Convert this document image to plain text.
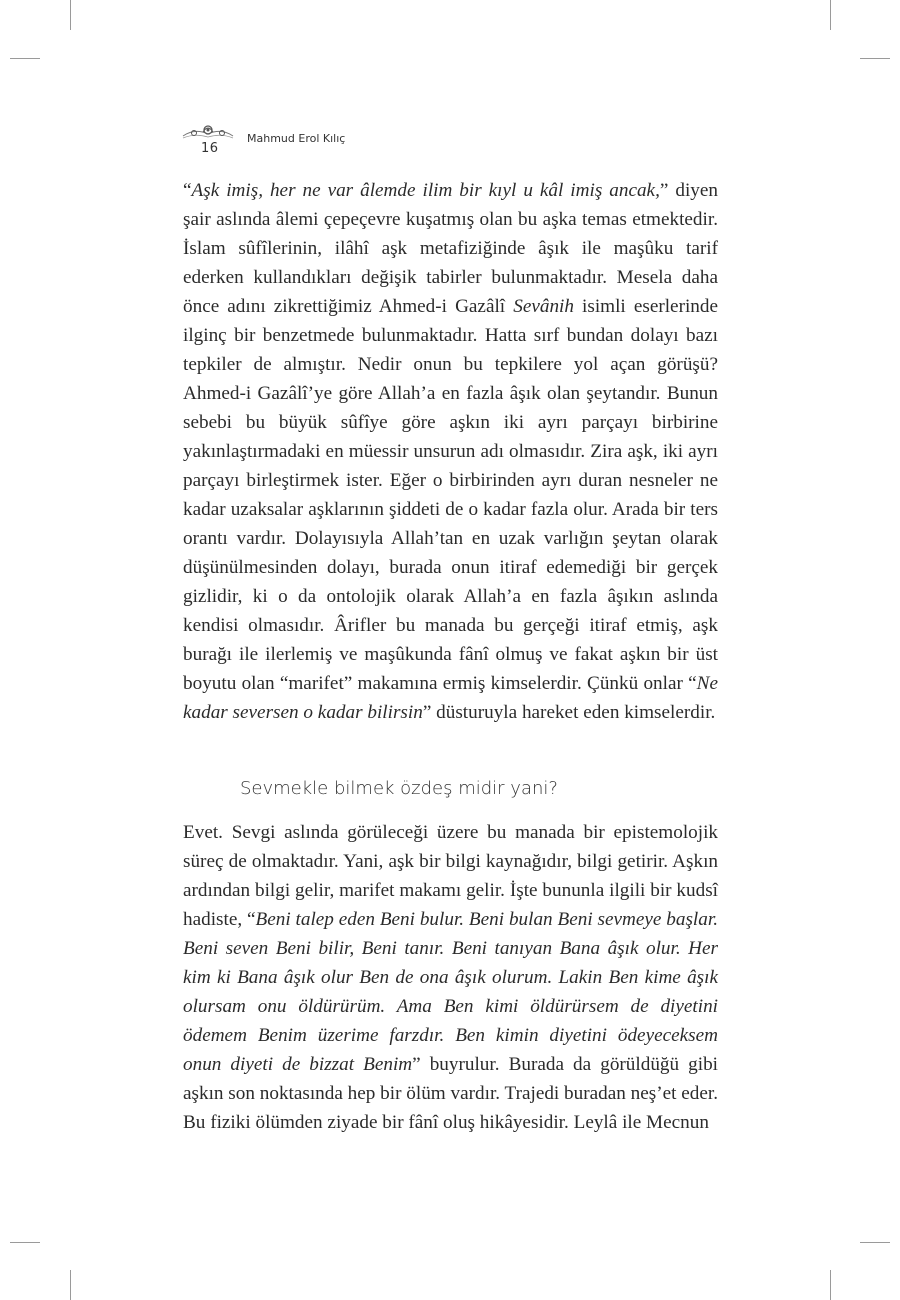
16
Mahmud Erol Kılıç

“Aşk imiş, her ne var âlemde ilim bir kıyl u kâl imiş ancak,” diyen şair aslında âlemi çepeçevre kuşatmış olan bu aşka temas etmektedir. İslam sûfîlerinin, ilâhî aşk metafiziğinde âşık ile maşûku tarif ederken kullandıkları değişik tabirler bulunmaktadır. Mesela daha önce adını zikrettiğimiz Ahmed-i Gazâlî Sevânih isimli eserlerinde ilginç bir benzetmede bulunmaktadır. Hatta sırf bundan dolayı bazı tepkiler de almıştır. Nedir onun bu tepkilere yol açan görüşü? Ahmed-i Gazâlî’ye göre Allah’a en fazla âşık olan şeytandır. Bunun sebebi bu büyük sûfîye göre aşkın iki ayrı parçayı birbirine yakınlaştırmadaki en müessir unsurun adı olmasıdır. Zira aşk, iki ayrı parçayı birleştirmek ister. Eğer o birbirinden ayrı duran nesneler ne kadar uzaksalar aşklarının şiddeti de o kadar fazla olur. Arada bir ters orantı vardır. Dolayısıyla Allah’tan en uzak varlığın şeytan olarak düşünülmesinden dolayı, burada onun itiraf edemediği bir gerçek gizlidir, ki o da ontolojik olarak Allah’a en fazla âşıkın aslında kendisi olmasıdır. Ârifler bu manada bu gerçeği itiraf etmiş, aşk burağı ile ilerlemiş ve maşûkunda fânî olmuş ve fakat aşkın bir üst boyutu olan “marifet” makamına ermiş kimselerdir. Çünkü onlar “Ne kadar seversen o kadar bilirsin” düsturuyla hareket eden kimselerdir.

Sevmekle bilmek özdeş midir yani?

Evet. Sevgi aslında görüleceği üzere bu manada bir epistemolojik süreç de olmaktadır. Yani, aşk bir bilgi kaynağıdır, bilgi getirir. Aşkın ardından bilgi gelir, marifet makamı gelir. İşte bununla ilgili bir kudsî hadiste, “Beni talep eden Beni bulur. Beni bulan Beni sevmeye başlar. Beni seven Beni bilir, Beni tanır. Beni tanıyan Bana âşık olur. Her kim ki Bana âşık olur Ben de ona âşık olurum. Lakin Ben kime âşık olursam onu öldürürüm. Ama Ben kimi öldürürsem de diyetini ödemem Benim üzerime farzdır. Ben kimin diyetini ödeyeceksem onun diyeti de bizzat Benim” buyrulur. Burada da görüldüğü gibi aşkın son noktasında hep bir ölüm vardır. Trajedi buradan neş’et eder. Bu fiziki ölümden ziyade bir fânî oluş hikâyesidir. Leylâ ile Mecnun
